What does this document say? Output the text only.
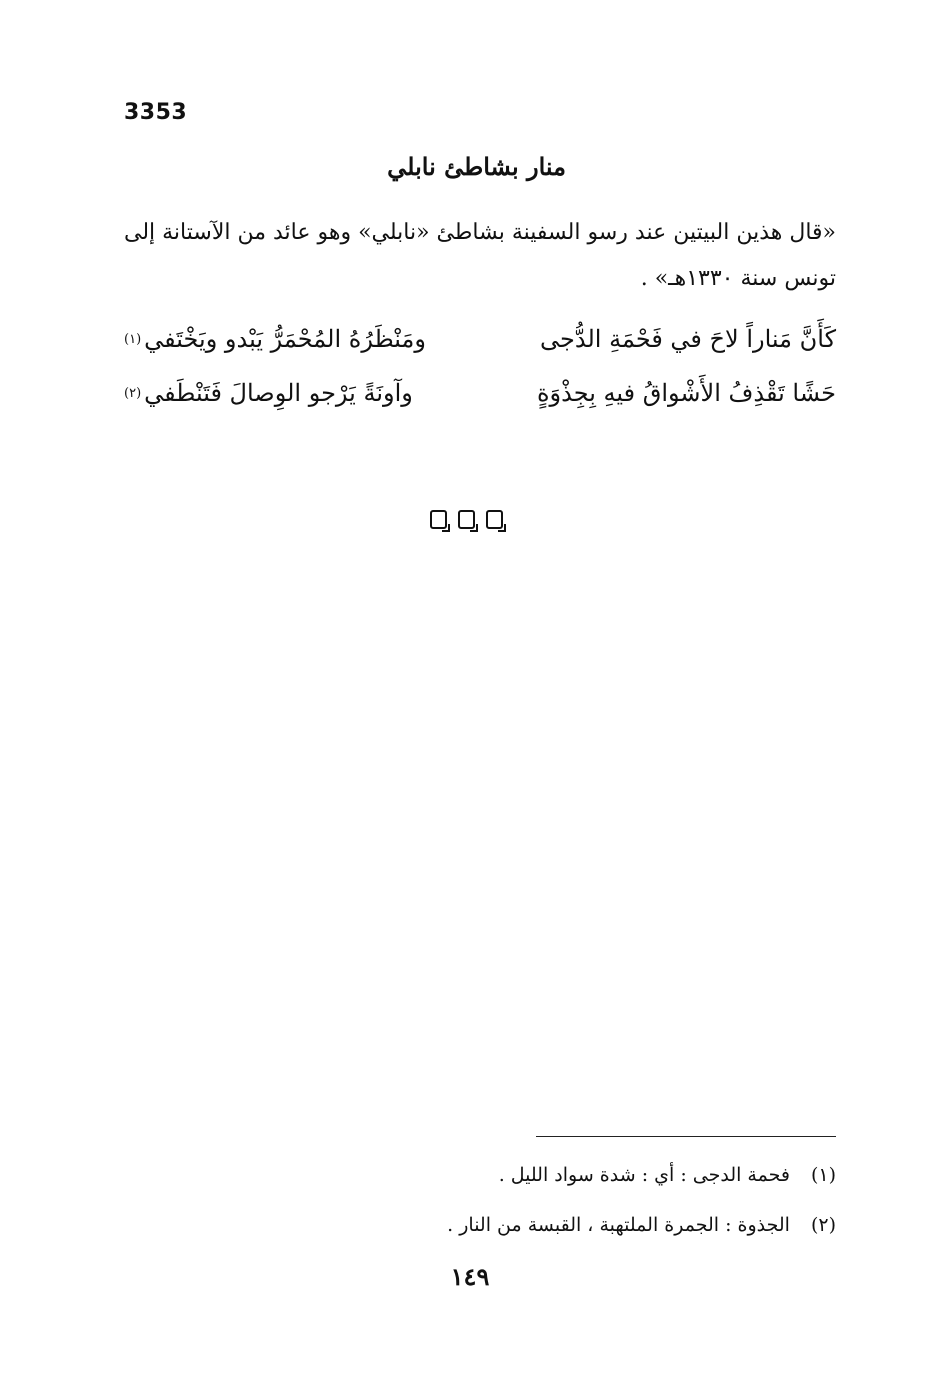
3353
منار بشاطئ نابلي
«قال هذين البيتين عند رسو السفينة بشاطئ «نابلي» وهو عائد من الآستانة إلى تونس سنة ١٣٣٠هـ» .
كَأَنَّ مَناراً لاحَ في فَحْمَةِ الدُّجى
ومَنْظَرُهُ المُحْمَرُّ يَبْدو ويَخْتَفي
(١)
حَشًا تَقْذِفُ الأَشْواقُ فيهِ بِجِذْوَةٍ
وآونَةً يَرْجو الوِصالَ فَتَنْطَفي
(٢)
(١) فحمة الدجى : أي : شدة سواد الليل .
(٢) الجذوة : الجمرة الملتهبة ، القبسة من النار .
١٤٩
